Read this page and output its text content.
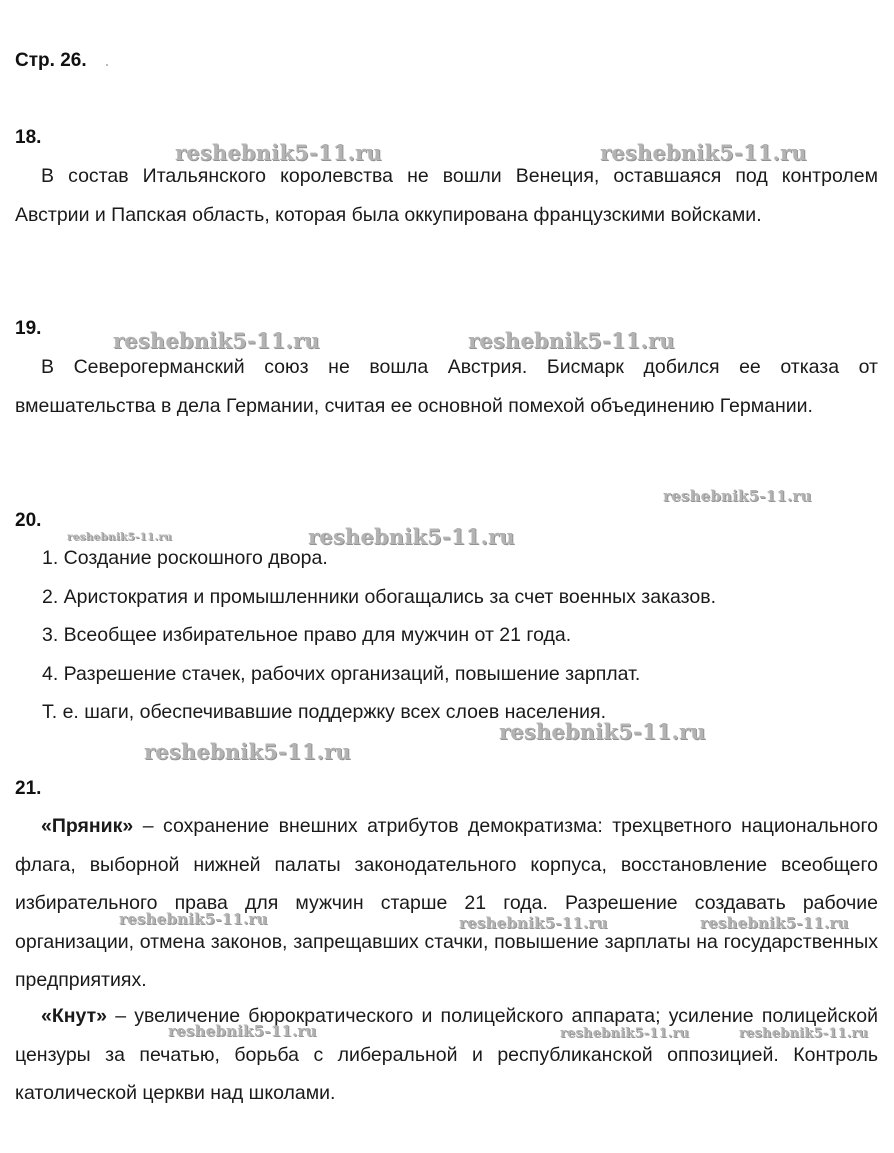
Стр. 26.
18.

В состав Итальянского королевства не вошли Венеция, оставшаяся под контролем Австрии и Папская область, которая была оккупирована французскими войсками.

19.

В Северогерманский союз не вошла Австрия. Бисмарк добился ее отказа от вмешательства в дела Германии, считая ее основной помехой объединению Германии.

20.
1. Создание роскошного двора.
2. Аристократия и промышленники обогащались за счет военных заказов.
3. Всеобщее избирательное право для мужчин от 21 года.
4. Разрешение стачек, рабочих организаций, повышение зарплат.
Т. е. шаги, обеспечивавшие поддержку всех слоев населения.
21.

«Пряник» – сохранение внешних атрибутов демократизма: трехцветного национального флага, выборной нижней палаты законодательного корпуса, восстановление всеобщего избирательного права для мужчин старше 21 года. Разрешение создавать рабочие организации, отмена законов, запрещавших стачки, повышение зарплаты на государственных предприятиях.

«Кнут» – увеличение бюрократического и полицейского аппарата; усиление полицейской цензуры за печатью, борьба с либеральной и республиканской оппозицией. Контроль католической церкви над школами.

reshebnik5-11.ru	reshebnik5-11.ru
reshebnik5-11.ru	reshebnik5-11.ru
reshebnik5-11.ru
reshebnik5-11.ru	reshebnik5-11.ru
reshebnik5-11.ru
reshebnik5-11.ru
reshebnik5-11.ru	reshebnik5-11.ru	reshebnik5-11.ru
reshebnik5-11.ru	reshebnik5-11.ru	reshebnik5-11.ru
